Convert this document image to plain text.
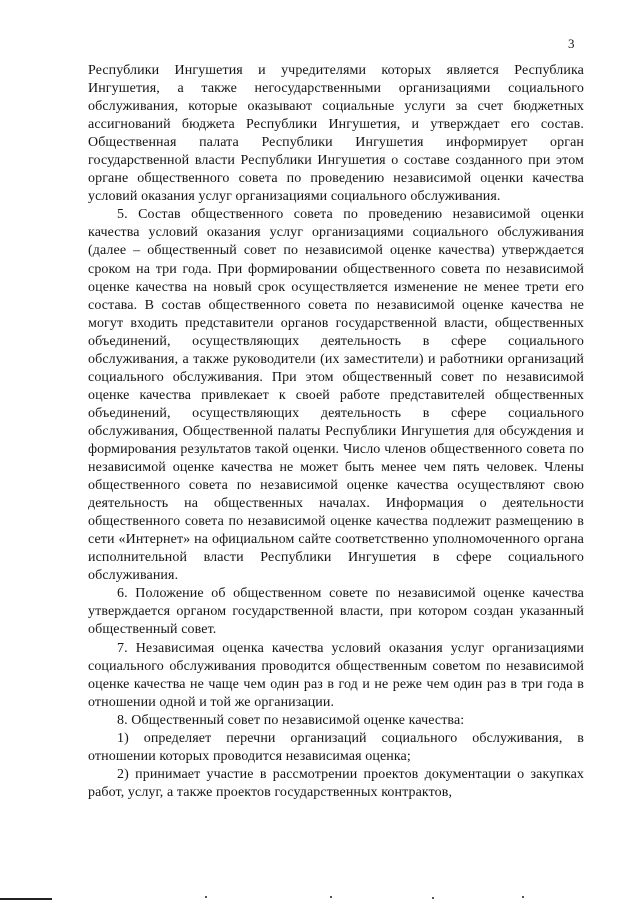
3

Республики Ингушетия и учредителями которых является Республика Ингушетия, а также негосударственными организациями социального обслуживания, которые оказывают социальные услуги за счет бюджетных ассигнований бюджета Республики Ингушетия, и утверждает его состав. Общественная палата Республики Ингушетия информирует орган государственной власти Республики Ингушетия о составе созданного при этом органе общественного совета по проведению независимой оценки качества условий оказания услуг организациями социального обслуживания.

5. Состав общественного совета по проведению независимой оценки качества условий оказания услуг организациями социального обслуживания (далее – общественный совет по независимой оценке качества) утверждается сроком на три года. При формировании общественного совета по независимой оценке качества на новый срок осуществляется изменение не менее трети его состава. В состав общественного совета по независимой оценке качества не могут входить представители органов государственной власти, общественных объединений, осуществляющих деятельность в сфере социального обслуживания, а также руководители (их заместители) и работники организаций социального обслуживания. При этом общественный совет по независимой оценке качества привлекает к своей работе представителей общественных объединений, осуществляющих деятельность в сфере социального обслуживания, Общественной палаты Республики Ингушетия для обсуждения и формирования результатов такой оценки. Число членов общественного совета по независимой оценке качества не может быть менее чем пять человек. Члены общественного совета по независимой оценке качества осуществляют свою деятельность на общественных началах. Информация о деятельности общественного совета по независимой оценке качества подлежит размещению в сети «Интернет» на официальном сайте соответственно уполномоченного органа исполнительной власти Республики Ингушетия в сфере социального обслуживания.

6. Положение об общественном совете по независимой оценке качества утверждается органом государственной власти, при котором создан указанный общественный совет.

7. Независимая оценка качества условий оказания услуг организациями социального обслуживания проводится общественным советом по независимой оценке качества не чаще чем один раз в год и не реже чем один раз в три года в отношении одной и той же организации.

8. Общественный совет по независимой оценке качества:

1) определяет перечни организаций социального обслуживания, в отношении которых проводится независимая оценка;

2) принимает участие в рассмотрении проектов документации о закупках работ, услуг, а также проектов государственных контрактов,
